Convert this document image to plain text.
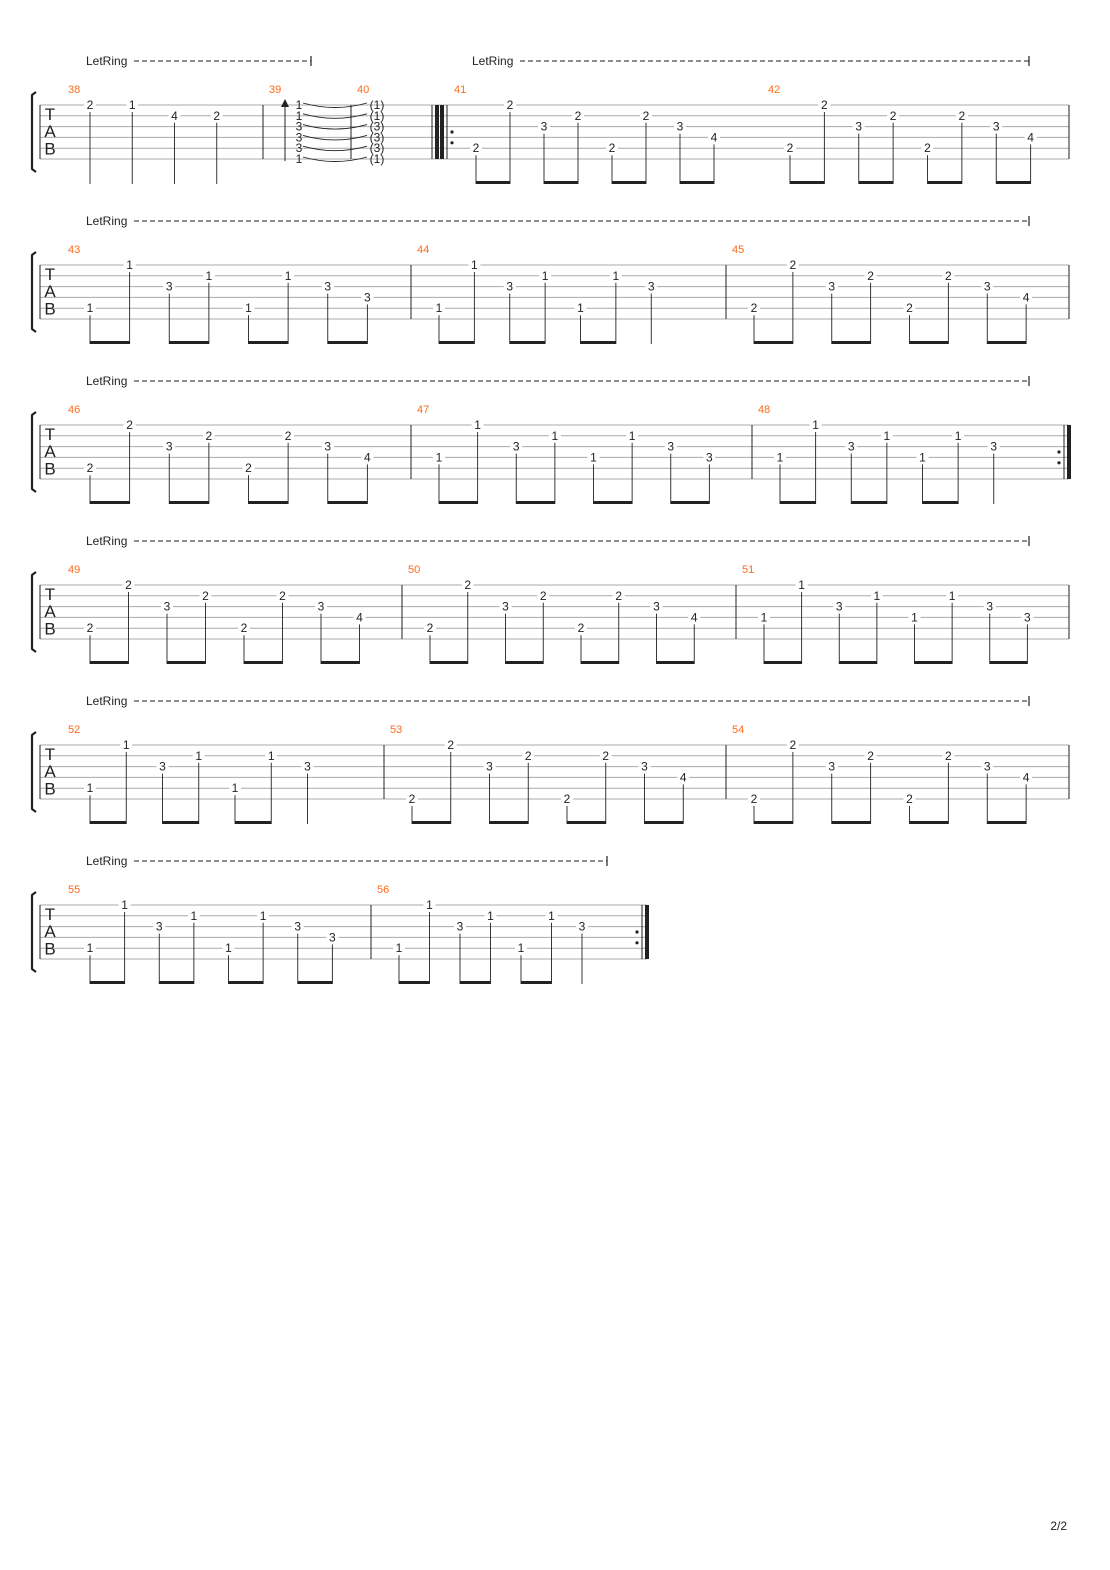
T
A
B
LetRing	LetRing
38
2	1
4	2
39
1
1
3
3
3
1
40
(1)
(1)
(3)
(3)
(3)
(1)
41
2
2
3
2
2
2
3
4
42
2
2
3
2
2
2
3
4
T
A
B
LetRing
43
1
1
3
1
1
1
3
3
44
1
1
3
1
1
1
3
45
2
2
3
2
2
2
3
4
T
A
B
LetRing
46
2
2
3
2
2
2
3
4
47
1
1
3
1
1
1
3
3
48
1
1
3
1
1
1
3
T
A
B
LetRing
49
2
2
3
2
2
2
3
4
50
2
2
3
2
2
2
3
4
51
1
1
3
1
1
1
3
3
T
A
B
LetRing
52
1
1
3
1
1
1
3
53
2
2
3
2
2
2
3
4
54
2
2
3
2
2
2
3
4
T
A
B
LetRing
55
1
1
3
1
1
1
3
3
56
1
1
3
1
1
1
3
2/2
